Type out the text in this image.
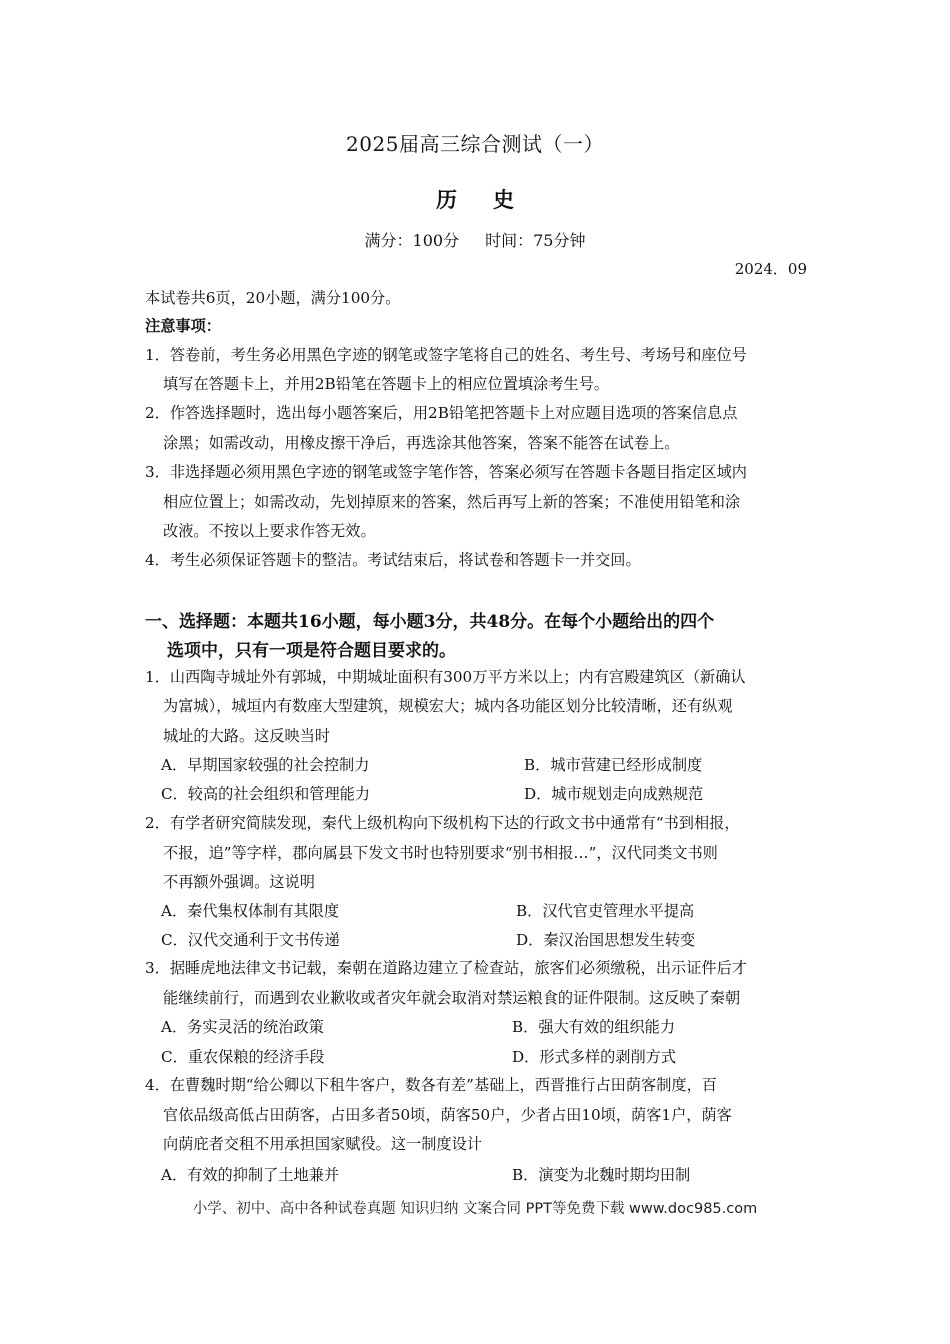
2025届高三综合测试（一）
历史
满分：100分 时间：75分钟
2024．09
本试卷共6页，20小题，满分100分。
注意事项：
1．答卷前，考生务必用黑色字迹的钢笔或签字笔将自己的姓名、考生号、考场号和座位号
填写在答题卡上，并用2B铅笔在答题卡上的相应位置填涂考生号。
2．作答选择题时，选出每小题答案后，用2B铅笔把答题卡上对应题目选项的答案信息点
涂黑；如需改动，用橡皮擦干净后，再选涂其他答案，答案不能答在试卷上。
3．非选择题必须用黑色字迹的钢笔或签字笔作答，答案必须写在答题卡各题目指定区域内
相应位置上；如需改动，先划掉原来的答案，然后再写上新的答案；不准使用铅笔和涂
改液。不按以上要求作答无效。
4．考生必须保证答题卡的整洁。考试结束后，将试卷和答题卡一并交回。
一、选择题：本题共16小题，每小题3分，共48分。在每个小题给出的四个
选项中，只有一项是符合题目要求的。
1．山西陶寺城址外有郭城，中期城址面积有300万平方米以上；内有宫殿建筑区（新确认
为富城），城垣内有数座大型建筑，规模宏大；城内各功能区划分比较清晰，还有纵观
城址的大路。这反映当时
A．早期国家较强的社会控制力	B．城市营建已经形成制度
C．较高的社会组织和管理能力	D．城市规划走向成熟规范
2．有学者研究简牍发现，秦代上级机构向下级机构下达的行政文书中通常有“书到相报，
不报，追”等字样，郡向属县下发文书时也特别要求“别书相报…”，汉代同类文书则
不再额外强调。这说明
A．秦代集权体制有其限度	B．汉代官吏管理水平提高
C．汉代交通利于文书传递	D．秦汉治国思想发生转变
3．据睡虎地法律文书记载，秦朝在道路边建立了检查站，旅客们必须缴税，出示证件后才
能继续前行，而遇到农业歉收或者灾年就会取消对禁运粮食的证件限制。这反映了秦朝
A．务实灵活的统治政策	B．强大有效的组织能力
C．重农保粮的经济手段	D．形式多样的剥削方式
4．在曹魏时期“给公卿以下租牛客户，数各有差”基础上，西晋推行占田荫客制度，百
官依品级高低占田荫客，占田多者50顷，荫客50户，少者占田10顷，荫客1户，荫客
向荫庇者交租不用承担国家赋役。这一制度设计
A．有效的抑制了土地兼并	B．演变为北魏时期均田制
小学、初中、高中各种试卷真题 知识归纳 文案合同 PPT等免费下载 www.doc985.com
